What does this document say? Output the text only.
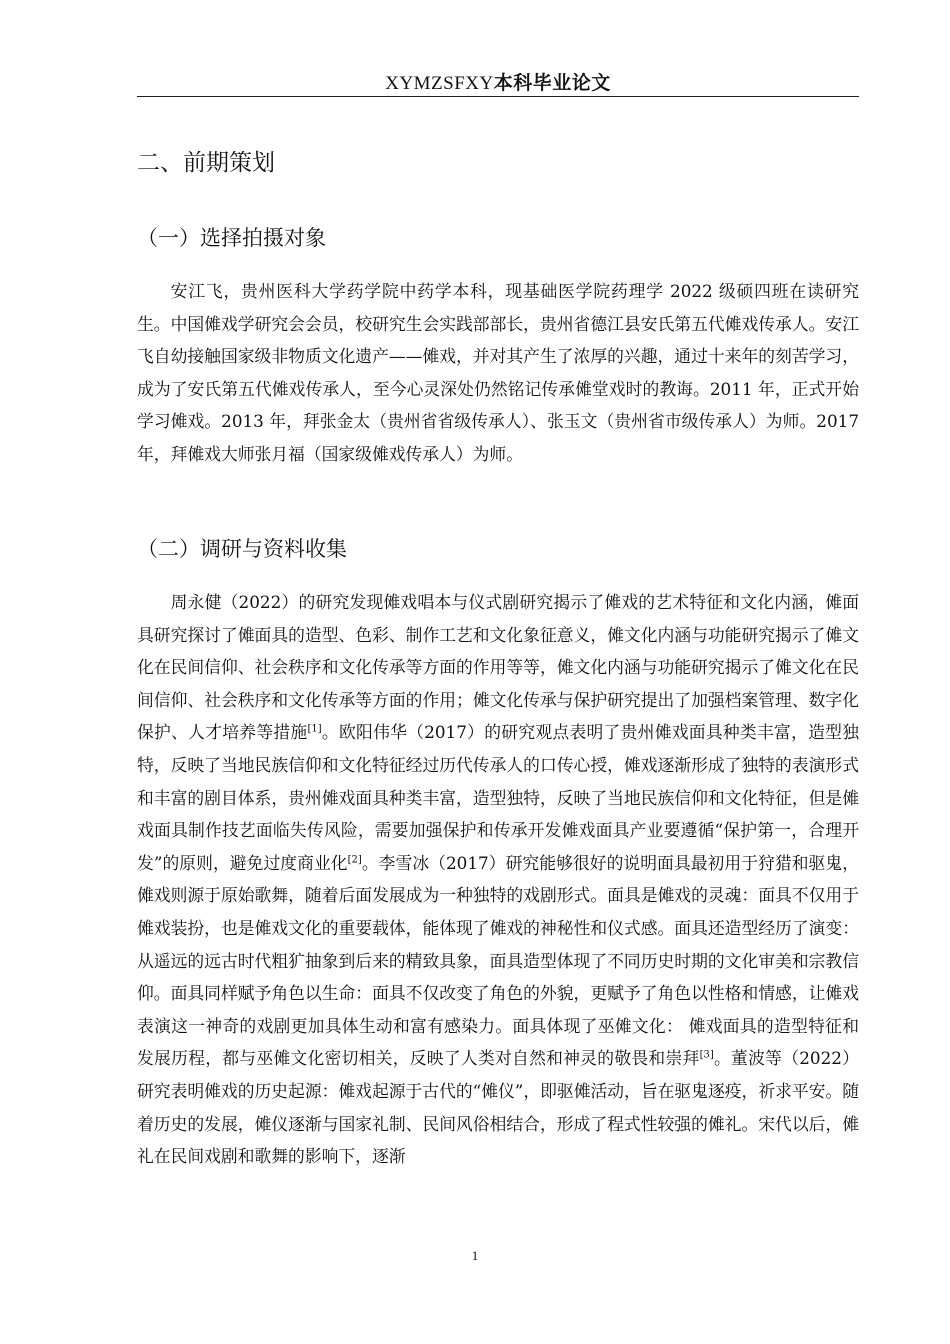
XYMZSFXY本科毕业论文
二、前期策划
（一）选择拍摄对象

安江飞，贵州医科大学药学院中药学本科，现基础医学院药理学 2022 级硕四班在读研究生。中国傩戏学研究会会员，校研究生会实践部部长，贵州省德江县安氏第五代傩戏传承人。安江飞自幼接触国家级非物质文化遗产——傩戏，并对其产生了浓厚的兴趣，通过十来年的刻苦学习，成为了安氏第五代傩戏传承人，至今心灵深处仍然铭记传承傩堂戏时的教诲。2011 年，正式开始学习傩戏。2013 年，拜张金太（贵州省省级传承人）、张玉文（贵州省市级传承人）为师。2017 年，拜傩戏大师张月福（国家级傩戏传承人）为师。

（二）调研与资料收集

周永健（2022）的研究发现傩戏唱本与仪式剧研究揭示了傩戏的艺术特征和文化内涵，傩面具研究探讨了傩面具的造型、色彩、制作工艺和文化象征意义，傩文化内涵与功能研究揭示了傩文化在民间信仰、社会秩序和文化传承等方面的作用等等，傩文化内涵与功能研究揭示了傩文化在民间信仰、社会秩序和文化传承等方面的作用；傩文化传承与保护研究提出了加强档案管理、数字化保护、人才培养等措施[1]。欧阳伟华（2017）的研究观点表明了贵州傩戏面具种类丰富，造型独特，反映了当地民族信仰和文化特征经过历代传承人的口传心授，傩戏逐渐形成了独特的表演形式和丰富的剧目体系，贵州傩戏面具种类丰富，造型独特，反映了当地民族信仰和文化特征，但是傩戏面具制作技艺面临失传风险，需要加强保护和传承开发傩戏面具产业要遵循“保护第一，合理开发”的原则，避免过度商业化[2]。李雪冰（2017）研究能够很好的说明面具最初用于狩猎和驱鬼，傩戏则源于原始歌舞，随着后面发展成为一种独特的戏剧形式。面具是傩戏的灵魂：面具不仅用于傩戏装扮，也是傩戏文化的重要载体，能体现了傩戏的神秘性和仪式感。面具还造型经历了演变：从遥远的远古时代粗犷抽象到后来的精致具象，面具造型体现了不同历史时期的文化审美和宗教信仰。面具同样赋予角色以生命：面具不仅改变了角色的外貌，更赋予了角色以性格和情感，让傩戏表演这一神奇的戏剧更加具体生动和富有感染力。面具体现了巫傩文化： 傩戏面具的造型特征和发展历程，都与巫傩文化密切相关，反映了人类对自然和神灵的敬畏和崇拜[3]。董波等（2022）研究表明傩戏的历史起源：傩戏起源于古代的“傩仪”，即驱傩活动，旨在驱鬼逐疫，祈求平安。随着历史的发展，傩仪逐渐与国家礼制、民间风俗相结合，形成了程式性较强的傩礼。宋代以后，傩礼在民间戏剧和歌舞的影响下，逐渐

1
